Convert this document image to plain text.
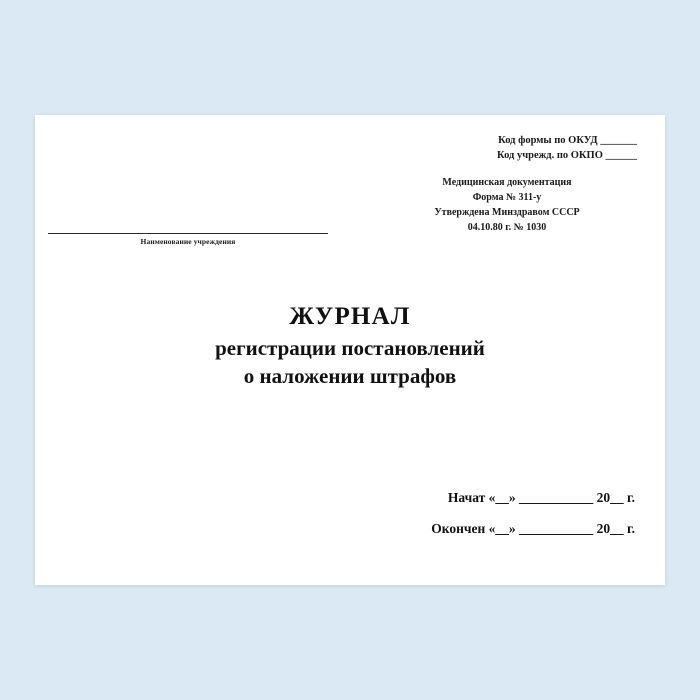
Код формы по ОКУД _______
Код учрежд. по ОКПО ______
Медицинская документация
Форма № 311-у
Утверждена Минздравом СССР
04.10.80 г. № 1030
Наименование учреждения
ЖУРНАЛ
регистрации постановлений
о наложении штрафов
Начат «__» ___________ 20__ г.
Окончен «__» ___________ 20__ г.
